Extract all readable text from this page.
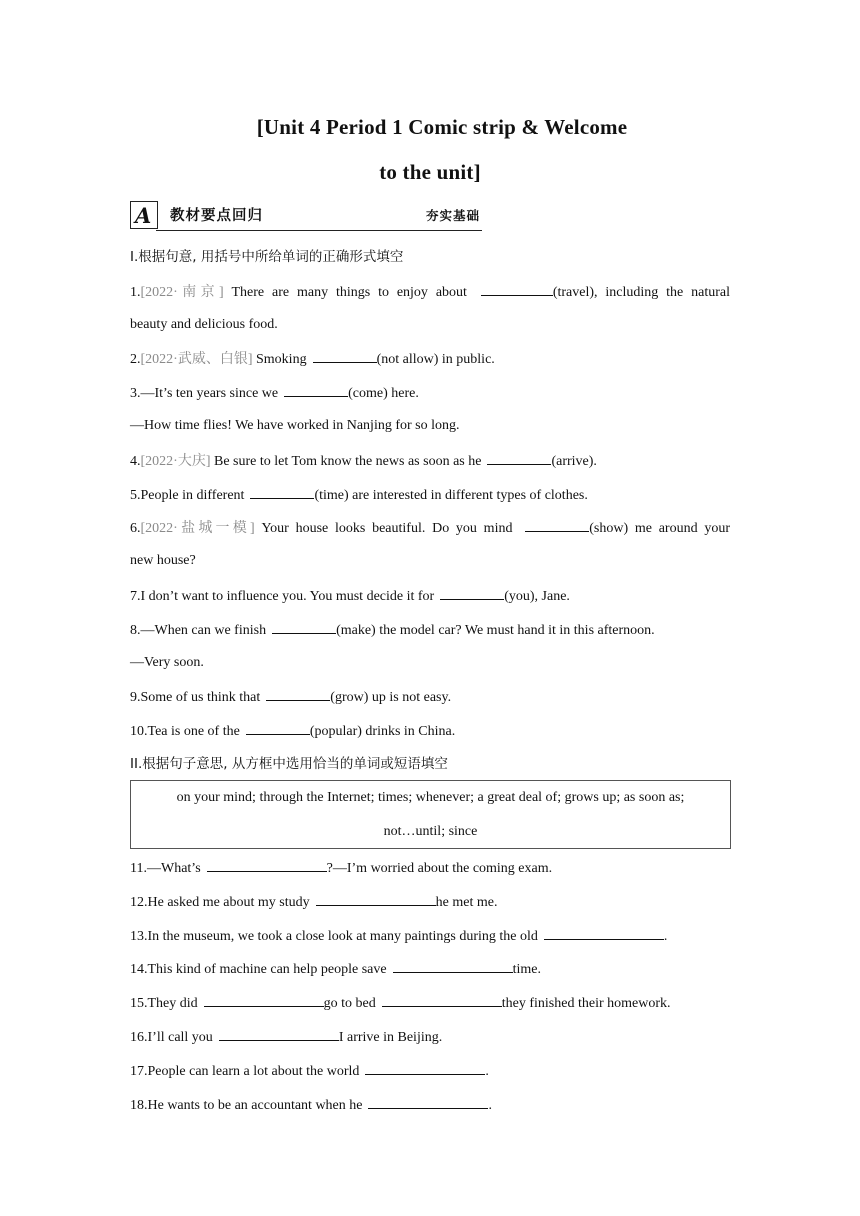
[Unit 4 Period 1 Comic strip & Welcome
to the unit]
A 教材要点回归	夯实基础
I.根据句意, 用括号中所给单词的正确形式填空
1.[2022·南京] There are many things to enjoy about	(travel), including the natural
beauty and delicious food.
2.[2022·武威、白银] Smoking	(not allow) in public.
3.—It’s ten years since we	(come) here.
—How time flies! We have worked in Nanjing for so long.
4.[2022·大庆] Be sure to let Tom know the news as soon as he	(arrive).
5.People in different	(time) are interested in different types of clothes.
6.[2022·盐城一模] Your house looks beautiful. Do you mind	(show) me around your
new house?
7.I don’t want to influence you. You must decide it for	(you), Jane.
8.—When can we finish	(make) the model car? We must hand it in this afternoon.
—Very soon.
9.Some of us think that	(grow) up is not easy.
10.Tea is one of the	(popular) drinks in China.
II.根据句子意思, 从方框中选用恰当的单词或短语填空
on your mind; through the Internet; times; whenever; a great deal of; grows up; as soon as;
not…until; since
11.—What’s	?—I’m worried about the coming exam.
12.He asked me about my study	he met me.
13.In the museum, we took a close look at many paintings during the old	.
14.This kind of machine can help people save	time.
15.They did	go to bed	they finished their homework.
16.I’ll call you	I arrive in Beijing.
17.People can learn a lot about the world	.
18.He wants to be an accountant when he	.
